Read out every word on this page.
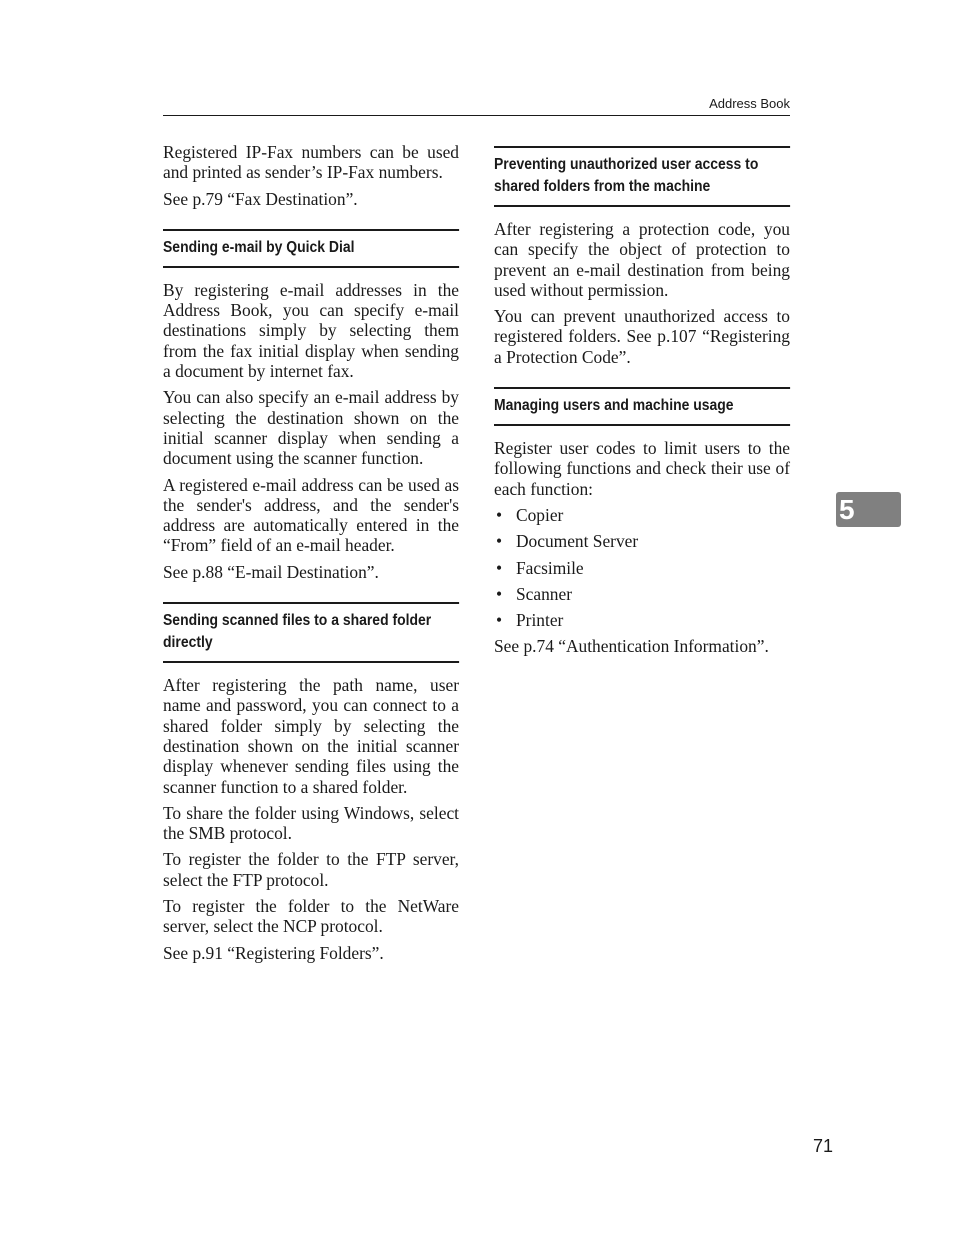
Address Book

Registered IP-Fax numbers can be used and printed as sender’s IP-Fax numbers.

See p.79 “Fax Destination”.

Sending e-mail by Quick Dial

By registering e-mail addresses in the Address Book, you can specify e-mail destinations simply by selecting them from the fax initial display when sending a document by internet fax.

You can also specify an e-mail address by selecting the destination shown on the initial scanner display when sending a document using the scanner function.

A registered e-mail address can be used as the sender's address, and the sender's address are automatically entered in the “From” field of an e-mail header.

See p.88 “E-mail Destination”.

Sending scanned files to a shared folder
directly

After registering the path name, user name and password, you can connect to a shared folder simply by selecting the destination shown on the initial scanner display whenever sending files using the scanner function to a shared folder.

To share the folder using Windows, select the SMB protocol.

To register the folder to the FTP server, select the FTP protocol.

To register the folder to the NetWare server, select the NCP protocol.

See p.91 “Registering Folders”.

Preventing unauthorized user access to
shared folders from the machine

After registering a protection code, you can specify the object of protection to prevent an e-mail destination from being used without permission.

You can prevent unauthorized access to registered folders. See p.107 “Registering a Protection Code”.

Managing users and machine usage

Register user codes to limit users to the following functions and check their use of each function:

• Copier
• Document Server
• Facsimile
• Scanner
• Printer

See p.74 “Authentication Information”.

5
71
